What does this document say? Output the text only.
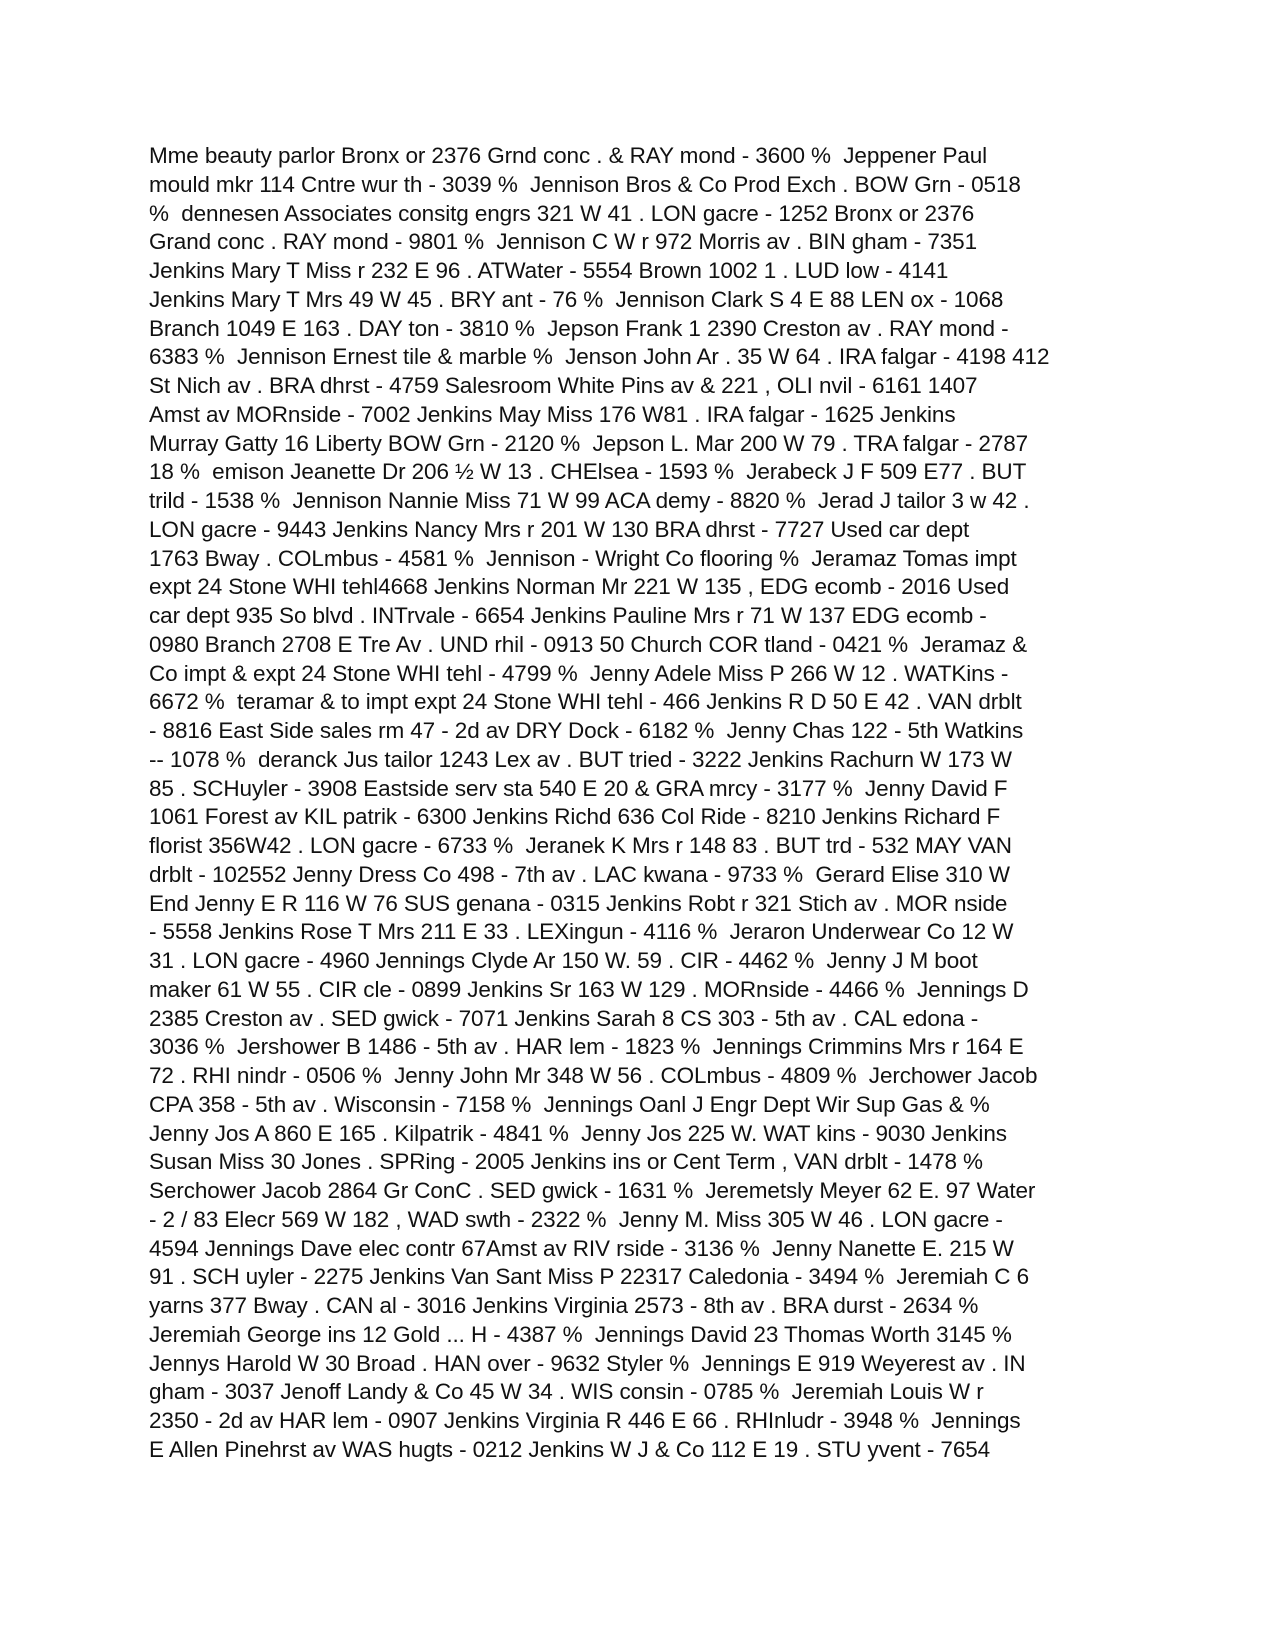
Mme beauty parlor Bronx or 2376 Grnd conc . & RAY mond - 3600 %  Jeppener Paul
mould mkr 114 Cntre wur th - 3039 %  Jennison Bros & Co Prod Exch . BOW Grn - 0518
%  dennesen Associates consitg engrs 321 W 41 . LON gacre - 1252 Bronx or 2376
Grand conc . RAY mond - 9801 %  Jennison C W r 972 Morris av . BIN gham - 7351
Jenkins Mary T Miss r 232 E 96 . ATWater - 5554 Brown 1002 1 . LUD low - 4141
Jenkins Mary T Mrs 49 W 45 . BRY ant - 76 %  Jennison Clark S 4 E 88 LEN ox - 1068
Branch 1049 E 163 . DAY ton - 3810 %  Jepson Frank 1 2390 Creston av . RAY mond -
6383 %  Jennison Ernest tile & marble %  Jenson John Ar . 35 W 64 . IRA falgar - 4198 412
St Nich av . BRA dhrst - 4759 Salesroom White Pins av & 221 , OLI nvil - 6161 1407
Amst av MORnside - 7002 Jenkins May Miss 176 W81 . IRA falgar - 1625 Jenkins
Murray Gatty 16 Liberty BOW Grn - 2120 %  Jepson L. Mar 200 W 79 . TRA falgar - 2787
18 %  emison Jeanette Dr 206 ½ W 13 . CHElsea - 1593 %  Jerabeck J F 509 E77 . BUT
trild - 1538 %  Jennison Nannie Miss 71 W 99 ACA demy - 8820 %  Jerad J tailor 3 w 42 .
LON gacre - 9443 Jenkins Nancy Mrs r 201 W 130 BRA dhrst - 7727 Used car dept
1763 Bway . COLmbus - 4581 %  Jennison - Wright Co flooring %  Jeramaz Tomas impt
expt 24 Stone WHI tehl4668 Jenkins Norman Mr 221 W 135 , EDG ecomb - 2016 Used
car dept 935 So blvd . INTrvale - 6654 Jenkins Pauline Mrs r 71 W 137 EDG ecomb -
0980 Branch 2708 E Tre Av . UND rhil - 0913 50 Church COR tland - 0421 %  Jeramaz &
Co impt & expt 24 Stone WHI tehl - 4799 %  Jenny Adele Miss P 266 W 12 . WATKins -
6672 %  teramar & to impt expt 24 Stone WHI tehl - 466 Jenkins R D 50 E 42 . VAN drblt
- 8816 East Side sales rm 47 - 2d av DRY Dock - 6182 %  Jenny Chas 122 - 5th Watkins
-- 1078 %  deranck Jus tailor 1243 Lex av . BUT tried - 3222 Jenkins Rachurn W 173 W
85 . SCHuyler - 3908 Eastside serv sta 540 E 20 & GRA mrcy - 3177 %  Jenny David F
1061 Forest av KIL patrik - 6300 Jenkins Richd 636 Col Ride - 8210 Jenkins Richard F
florist 356W42 . LON gacre - 6733 %  Jeranek K Mrs r 148 83 . BUT trd - 532 MAY VAN
drblt - 102552 Jenny Dress Co 498 - 7th av . LAC kwana - 9733 %  Gerard Elise 310 W
End Jenny E R 116 W 76 SUS genana - 0315 Jenkins Robt r 321 Stich av . MOR nside
- 5558 Jenkins Rose T Mrs 211 E 33 . LEXingun - 4116 %  Jeraron Underwear Co 12 W
31 . LON gacre - 4960 Jennings Clyde Ar 150 W. 59 . CIR - 4462 %  Jenny J M boot
maker 61 W 55 . CIR cle - 0899 Jenkins Sr 163 W 129 . MORnside - 4466 %  Jennings D
2385 Creston av . SED gwick - 7071 Jenkins Sarah 8 CS 303 - 5th av . CAL edona -
3036 %  Jershower B 1486 - 5th av . HAR lem - 1823 %  Jennings Crimmins Mrs r 164 E
72 . RHI nindr - 0506 %  Jenny John Mr 348 W 56 . COLmbus - 4809 %  Jerchower Jacob
CPA 358 - 5th av . Wisconsin - 7158 %  Jennings Oanl J Engr Dept Wir Sup Gas & %
Jenny Jos A 860 E 165 . Kilpatrik - 4841 %  Jenny Jos 225 W. WAT kins - 9030 Jenkins
Susan Miss 30 Jones . SPRing - 2005 Jenkins ins or Cent Term , VAN drblt - 1478 %
Serchower Jacob 2864 Gr ConC . SED gwick - 1631 %  Jeremetsly Meyer 62 E. 97 Water
- 2 / 83 Elecr 569 W 182 , WAD swth - 2322 %  Jenny M. Miss 305 W 46 . LON gacre -
4594 Jennings Dave elec contr 67Amst av RIV rside - 3136 %  Jenny Nanette E. 215 W
91 . SCH uyler - 2275 Jenkins Van Sant Miss P 22317 Caledonia - 3494 %  Jeremiah C 6
yarns 377 Bway . CAN al - 3016 Jenkins Virginia 2573 - 8th av . BRA durst - 2634 %
Jeremiah George ins 12 Gold ... H - 4387 %  Jennings David 23 Thomas Worth 3145 %
Jennys Harold W 30 Broad . HAN over - 9632 Styler %  Jennings E 919 Weyerest av . IN
gham - 3037 Jenoff Landy & Co 45 W 34 . WIS consin - 0785 %  Jeremiah Louis W r
2350 - 2d av HAR lem - 0907 Jenkins Virginia R 446 E 66 . RHInludr - 3948 %  Jennings
E Allen Pinehrst av WAS hugts - 0212 Jenkins W J & Co 112 E 19 . STU yvent - 7654
